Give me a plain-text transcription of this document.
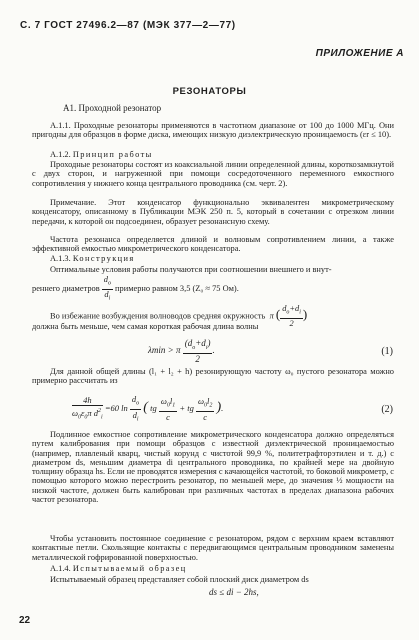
С. 7 ГОСТ 27496.2—87 (МЭК 377—2—77)
ПРИЛОЖЕНИЕ А
РЕЗОНАТОРЫ
А1. Проходной резонатор
А.1.1. Проходные резонаторы применяются в частотном диапазоне от 100 до 1000 МГц. Они пригодны для образцов в форме диска, имеющих низкую диэлектрическую проницаемость (εr ≤ 10).
А.1.2. Принцип работы
Проходные резонаторы состоят из коаксиальной линии определенной длины, короткозамкнутой с двух сторон, и нагруженной при помощи сосредоточенного переменного емкостного сопротивления у нижнего конца центрального проводника (см. черт. 2).
Примечание. Этот конденсатор функционально эквивалентен микрометрическому конденсатору, описанному в Публикации МЭК 250 п. 5, который в сочетании с отрезком линии передачи, к которой он подсоединен, образует резонансную схему.
Частота резонанса определяется длиной и волновым сопротивлением линии, а также эффективной емкостью микрометрического конденсатора.
А.1.3. Конструкция
Оптимальные условия работы получаются при соотношении внешнего и внут-
реннего диаметров $\frac{d_o}{d_i}$ примерно равном 3,5 (Z₀ ≈ 75 Ом).
Во избежание возбуждения волноводов средняя окружность  π ( $\frac{d_o+d_i}{2}$ )
должна быть меньше, чем самая короткая рабочая длина волны
λmin > π $\frac{(d_o+d_i)}{2}$ .	(1)
Для данной общей длины (l₁ + l₂ + h) резонирующую частоту ω₀ пустого резонатора можно примерно рассчитать из
$\frac{4h}{\omega_0\varepsilon_0\pi d^2_i} =60$ $\ln \frac{d_o}{d_i}$ ( tg $\frac{\omega_0l_1}{c}$ + tg $\frac{\omega_0l_2}{c}$ ).	(2)
Подлинное емкостное сопротивление микрометрического конденсатора должно определяться путем калибрования при помощи образцов с известной диэлектрической проницаемостью (например, плавленый кварц, чистый корунд с чистотой 99,9 %, политетрафторэтилен и т. д.) с диаметром ds, меньшим диаметра di центрального проводника, по крайней мере на двойную толщину образца hs. Если не проводятся измерения с качающейся частотой, то боковой микрометр, с помощью которого можно перестроить резонатор, по меньшей мере, до значения ½ мощности на низкой частоте, должен быть калиброван при различных частотах в пределах диапазона рабочих частот резонатора.
Чтобы установить постоянное соединение с резонатором, рядом с верхним краем вставляют контактные петли. Скользящие контакты с передвигающимся центральным проводником заменены металлической гофрированной поверхностью.
А.1.4. Испытываемый образец
Испытываемый образец представляет собой плоский диск диаметром ds
ds ≤ di − 2hs,
22
